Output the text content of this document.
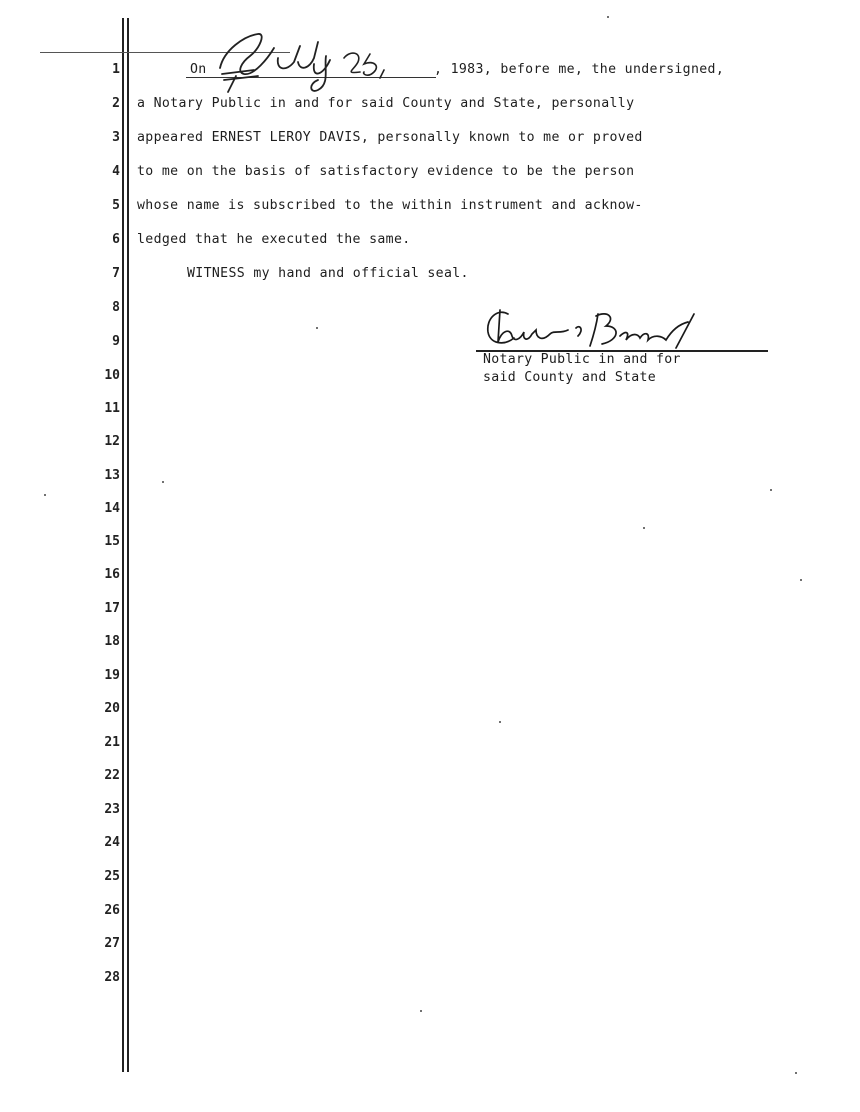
1
2
3
4
5
6
7
8
9
10
11
12
13
14
15
16
17
18
19
20
21
22
23
24
25
26
27
28
On	, 1983, before me, the undersigned,
a Notary Public in and for said County and State, personally
appeared ERNEST LEROY DAVIS, personally known to me or proved
to me on the basis of satisfactory evidence to be the person
whose name is subscribed to the within instrument and acknow-
ledged that he executed the same.
WITNESS my hand and official seal.
Notary Public in and for
said County and State
